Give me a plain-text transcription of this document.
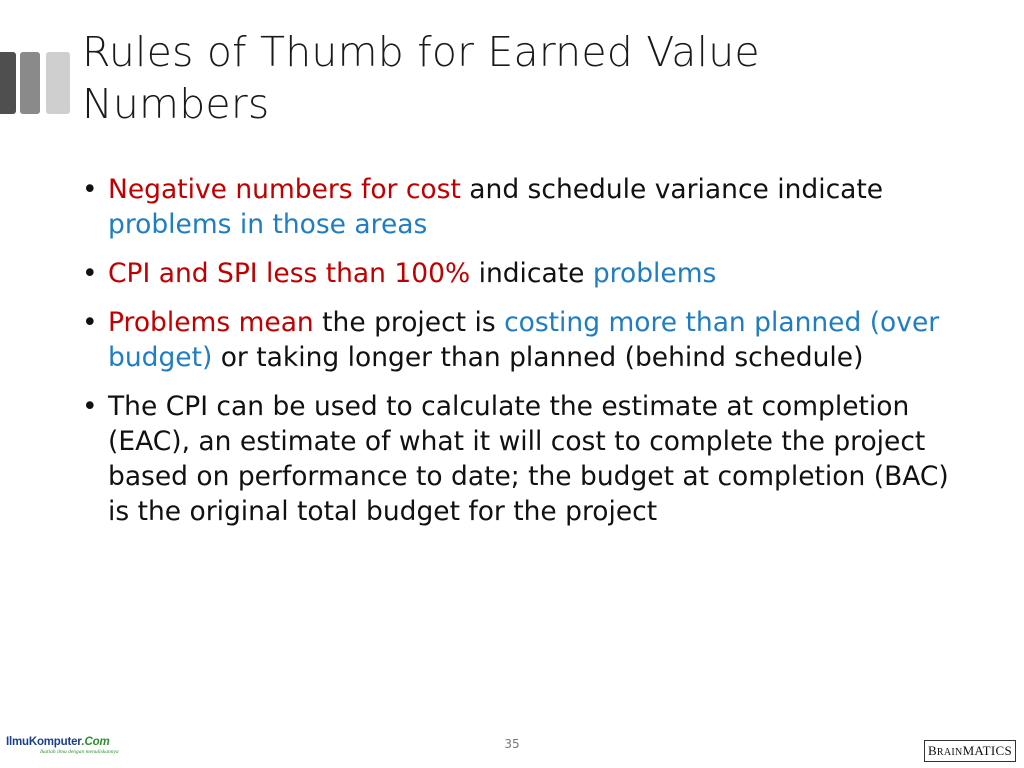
Rules of Thumb for Earned Value
Numbers
• Negative numbers for cost and schedule variance indicate problems in those areas
• CPI and SPI less than 100% indicate problems
• Problems mean the project is costing more than planned (over budget) or taking longer than planned (behind schedule)
• The CPI can be used to calculate the estimate at completion (EAC), an estimate of what it will cost to complete the project based on performance to date; the budget at completion (BAC) is the original total budget for the project
IlmuKomputer.Com
Ikatlah ilmu dengan menuliskannya
35	BRAINMATICS
